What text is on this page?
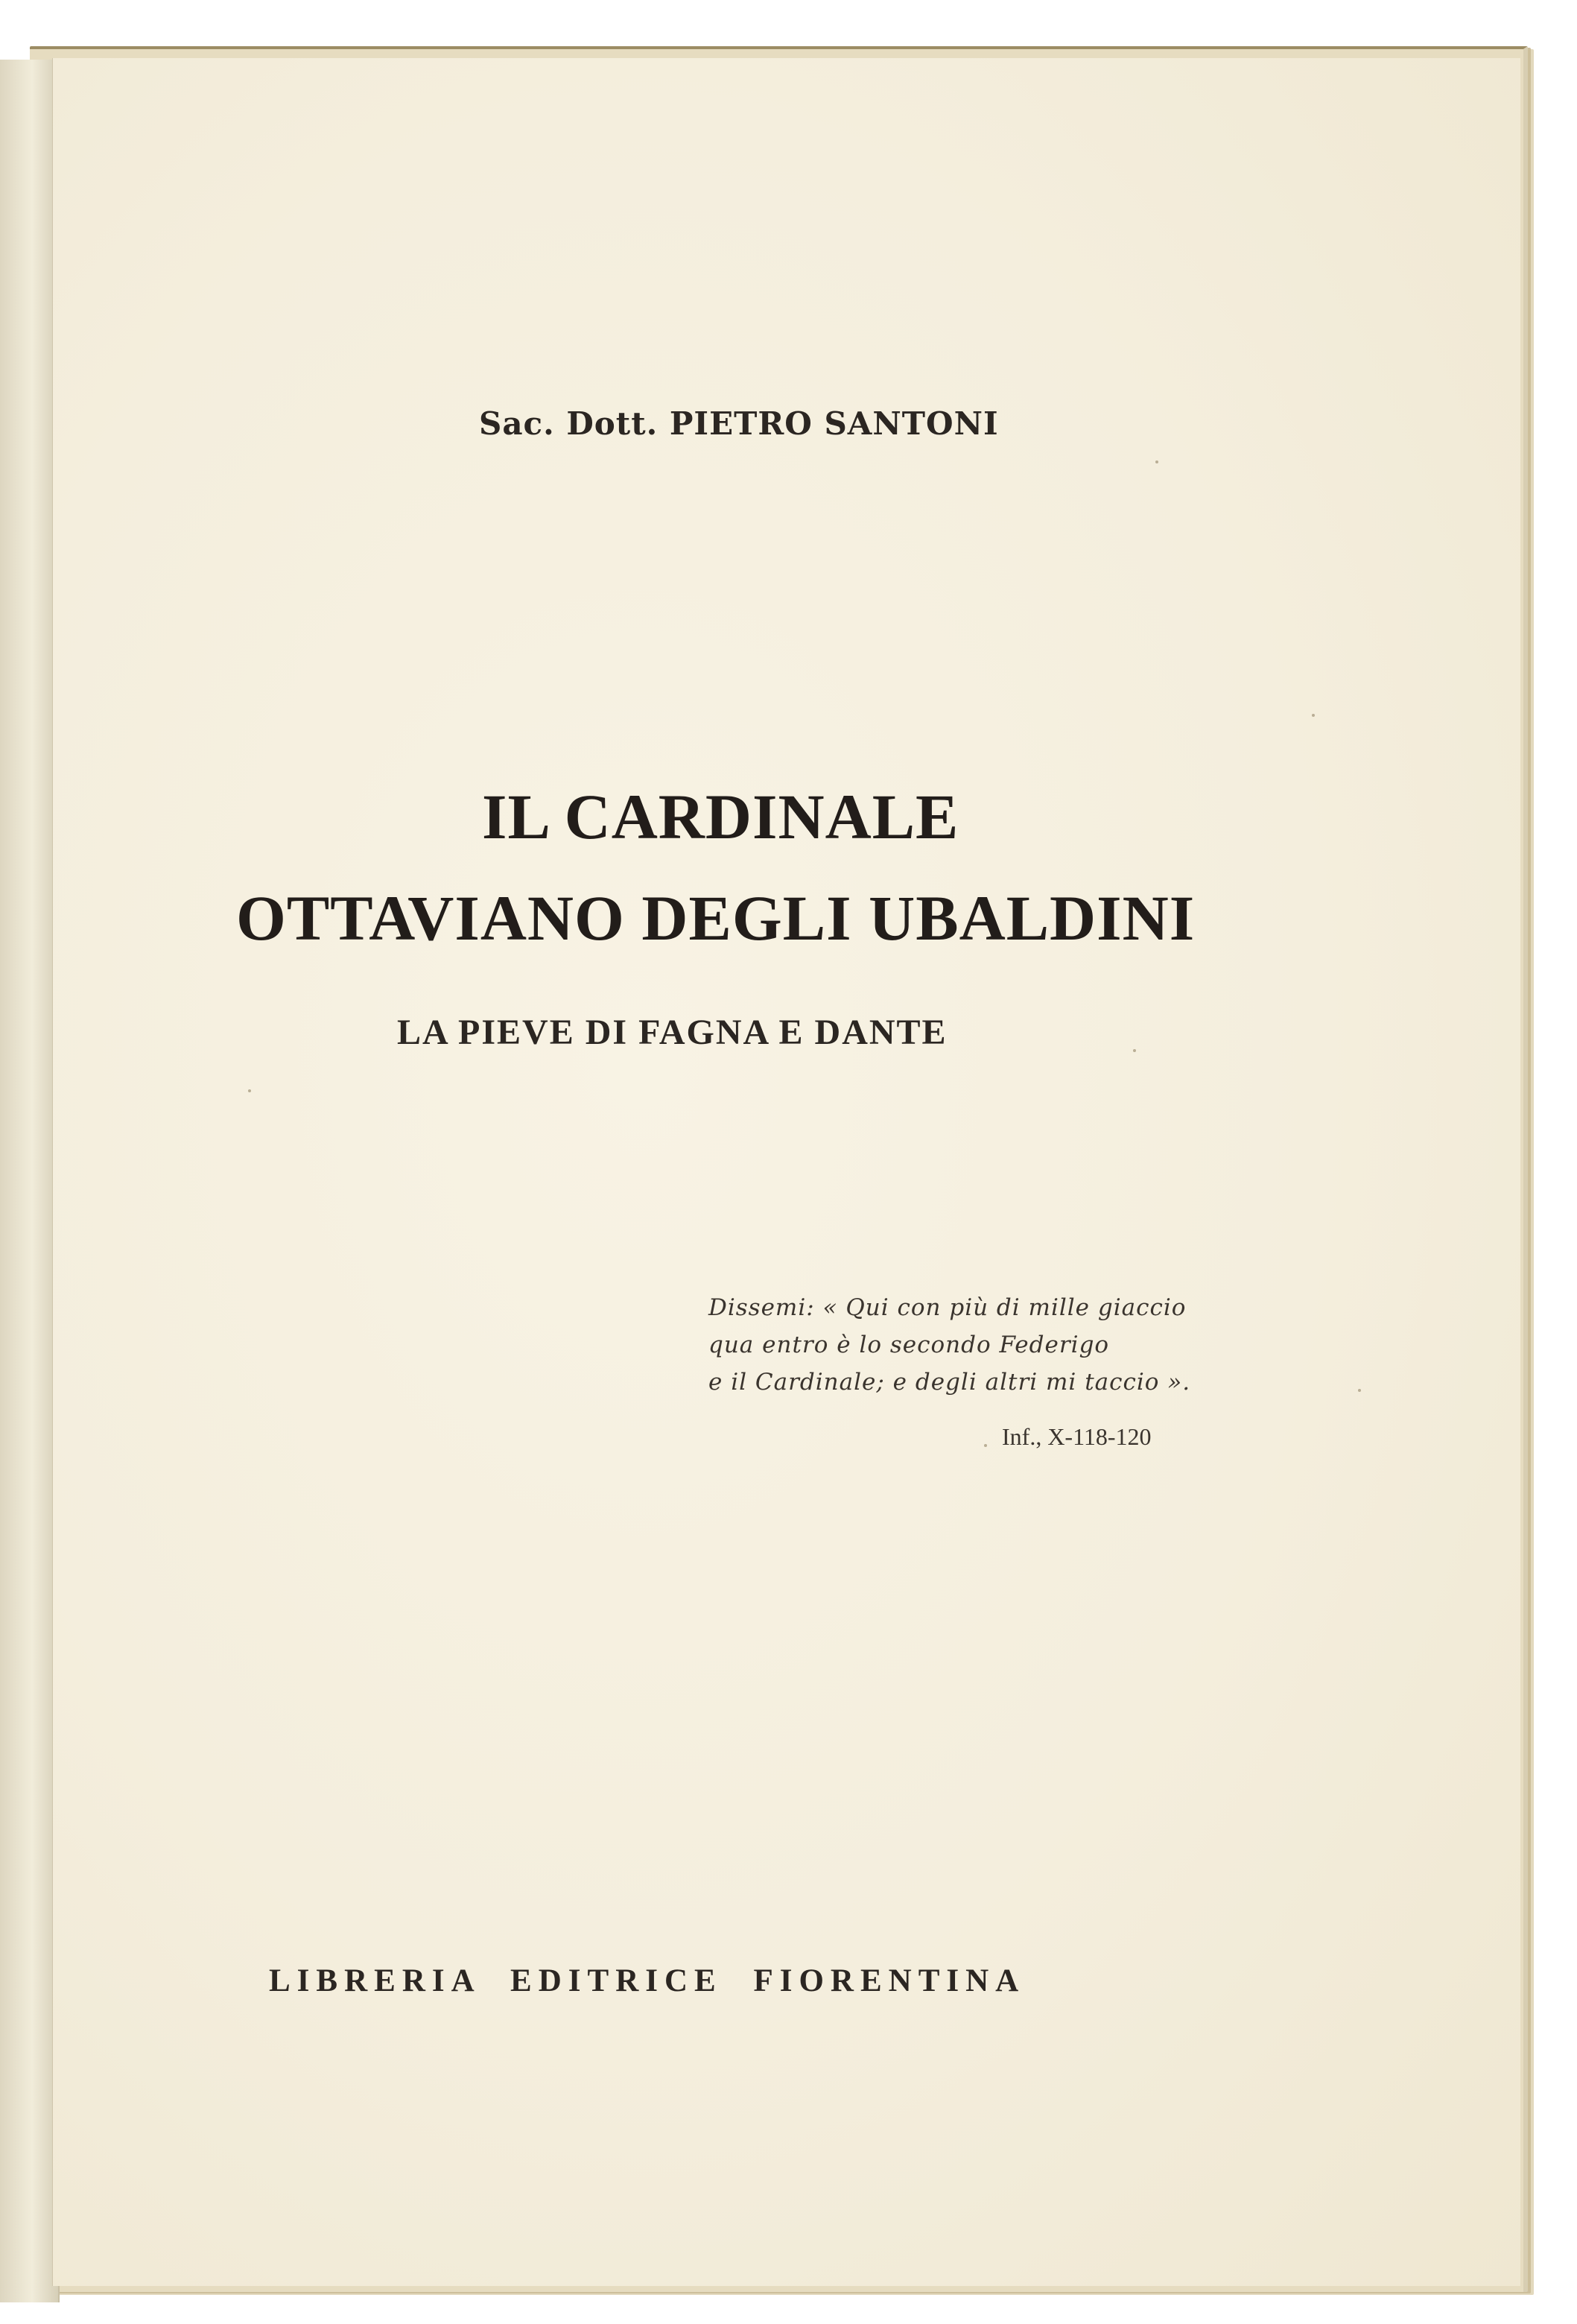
Sac. Dott. PIETRO SANTONI
IL CARDINALE
OTTAVIANO DEGLI UBALDINI
LA PIEVE DI FAGNA E DANTE
Dissemi: « Qui con più di mille giaccio
qua entro è lo secondo Federigo
e il Cardinale; e degli altri mi taccio ».
Inf., X-118-120
LIBRERIA EDITRICE FIORENTINA
